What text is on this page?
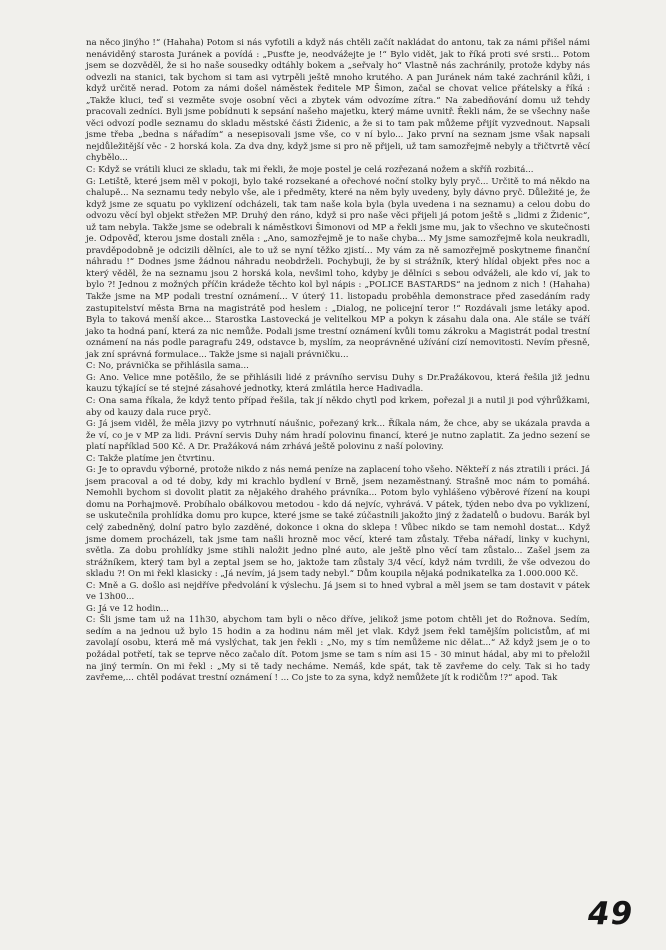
na něco jinýho !“ (Hahaha) Potom si nás vyfotili a když nás chtěli začít nakládat do antonu, tak za námi přišel námi nenáviděný starosta Juránek a povídá : „Pusťte je, neodvážejte je !“ Bylo vidět, jak to říká proti své srsti... Potom jsem se dozvěděl, že si ho naše sousedky odtáhly bokem a „seřvaly ho“ Vlastně nás zachránily, protože kdyby nás odvezli na stanici, tak bychom si tam asi vytrpěli ještě mnoho krutého. A pan Juránek nám také zachránil kůži, i když určitě nerad. Potom za námi došel náměstek ředitele MP Šimon, začal se chovat velice přátelsky a říká : „Takže kluci, teď si vezměte svoje osobní věci a zbytek vám odvozíme zítra.“ Na zabedňování domu už tehdy pracovali zedníci. Byli jsme pobídnuti k sepsání našeho majetku, který máme uvnitř. Řekli nám, že se všechny naše věci odvozí podle seznamu do skladu městské části Židenic, a že si to tam pak můžeme přijít vyzvednout. Napsali jsme třeba „bedna s nářadím“ a nesepisovali jsme vše, co v ní bylo... Jako první na seznam jsme však napsali nejdůležitější věc - 2 horská kola. Za dva dny, když jsme si pro ně přijeli, už tam samozřejmě nebyly a třičtvrtě věcí chybělo...

C: Když se vrátili kluci ze skladu, tak mi řekli, že moje postel je celá rozřezaná nožem a skříň rozbitá...

G: Letiště, které jsem měl v pokoji, bylo také rozsekané a ořechové noční stolky byly pryč... Určitě to má někdo na chalupě... Na seznamu tedy nebylo vše, ale i předměty, které na něm byly uvedeny, byly dávno pryč. Důležité je, že když jsme ze squatu po vyklizení odcházeli, tak tam naše kola byla (byla uvedena i na seznamu) a celou dobu do odvozu věcí byl objekt střežen MP. Druhý den ráno, když si pro naše věci přijeli já potom ještě s „lidmi z Židenic“, už tam nebyla. Takže jsme se odebrali k náměstkovi Šimonovi od MP a řekli jsme mu, jak to všechno ve skutečnosti je. Odpověď, kterou jsme dostali zněla : „Ano, samozřejmě je to naše chyba... My jsme samozřejmě kola neukradli, pravděpodobně je odcizili dělníci, ale to už se nyní těžko zjistí... My vám za ně samozřejmě poskytneme finanční náhradu !“ Dodnes jsme žádnou náhradu neobdrželi. Pochybuji, že by si strážník, který hlídal objekt přes noc a který věděl, že na seznamu jsou 2 horská kola, nevšiml toho, kdyby je dělníci s sebou odváželi, ale kdo ví, jak to bylo ?! Jednou z možných příčin krádeže těchto kol byl nápis : „POLICE BASTARDS“ na jednom z nich ! (Hahaha) Takže jsme na MP podali trestní oznámení... V úterý 11. listopadu proběhla demonstrace před zasedáním rady zastupitelství města Brna na magistrátě pod heslem : „Dialog, ne policejní teror !“ Rozdávali jsme letáky apod. Byla to taková menší akce... Starostka Lastovecká je velitelkou MP a pokyn k zásahu dala ona. Ale stále se tváří jako ta hodná paní, která za nic nemůže. Podali jsme trestní oznámení kvůli tomu zákroku a Magistrát podal trestní oznámení na nás podle paragrafu 249, odstavce b, myslím, za neoprávněné užívání cizí nemovitosti. Nevím přesně, jak zní správná formulace... Takže jsme si najali právničku...

C: No, právnička se přihlásila sama...

G: Ano. Velice mne potěšilo, že se přihlásili lidé z právního servisu Duhy s Dr.Pražákovou, která řešila již jednu kauzu týkající se té stejné zásahové jednotky, která zmlátila herce Hadivadla.

C: Ona sama říkala, že když tento případ řešila, tak jí někdo chytl pod krkem, pořezal ji a nutil ji pod výhrůžkami, aby od kauzy dala ruce pryč.

G: Já jsem viděl, že měla jizvy po vytrhnutí náušnic, pořezaný krk... Říkala nám, že chce, aby se ukázala pravda a že ví, co je v MP za lidi. Právní servis Duhy nám hradí polovinu financí, které je nutno zaplatit. Za jedno sezení se platí například 500 Kč. A Dr. Pražáková nám zrhává ještě polovinu z naší poloviny.

C: Takže platíme jen čtvrtinu.

G: Je to opravdu výborné, protože nikdo z nás nemá peníze na zaplacení toho všeho. Někteří z nás ztratili i práci. Já jsem pracoval a od té doby, kdy mi krachlo bydlení v Brně, jsem nezaměstnaný. Strašně moc nám to pomáhá. Nemohli bychom si dovolit platit za nějakého drahého právníka... Potom bylo vyhlášeno výběrové řízení na koupi domu na Porhajmově. Probíhalo obálkovou metodou - kdo dá nejvíc, vyhrává. V pátek, týden nebo dva po vyklizení, se uskutečnila prohlídka domu pro kupce, které jsme se také zúčastnili jakožto jiný z žadatelů o budovu. Barák byl celý zabedněný, dolní patro bylo zazděné, dokonce i okna do sklepa ! Vůbec nikdo se tam nemohl dostat... Když jsme domem procházeli, tak jsme tam našli hrozně moc věcí, které tam zůstaly. Třeba nářadí, linky v kuchyni, světla. Za dobu prohlídky jsme stihli naložit jedno plné auto, ale ještě plno věcí tam zůstalo... Zašel jsem za strážníkem, který tam byl a zeptal jsem se ho, jaktože tam zůstaly 3/4 věcí, když nám tvrdili, že vše odvezou do skladu ?! On mi řekl klasicky : „Já nevím, já jsem tady nebyl.“ Dům koupila nějaká podnikatelka za 1.000.000 Kč.

C: Mně a G. došlo asi nejdříve předvolání k výslechu. Já jsem si to hned vybral a měl jsem se tam dostavit v pátek ve 13h00...

G: Já ve 12 hodin...

C: Šli jsme tam už na 11h30, abychom tam byli o něco dříve, jelikož jsme potom chtěli jet do Rožnova. Sedím, sedím a na jednou už bylo 15 hodin a za hodinu nám měl jet vlak. Když jsem řekl tamějším policistům, ať mi zavolají osobu, která mě má vyslýchat, tak jen řekli : „No, my s tím nemůžeme nic dělat...“ Až když jsem je o to požádal potřetí, tak se teprve něco začalo dít. Potom jsme se tam s ním asi 15 - 30 minut hádal, aby mi to přeložil na jiný termín. On mi řekl : „My si tě tady necháme. Nemáš, kde spát, tak tě zavřeme do cely. Tak si ho tady zavřeme,... chtěl podávat trestní oznámení ! ... Co jste to za syna, když nemůžete jít k rodičům !?“ apod. Tak

49
